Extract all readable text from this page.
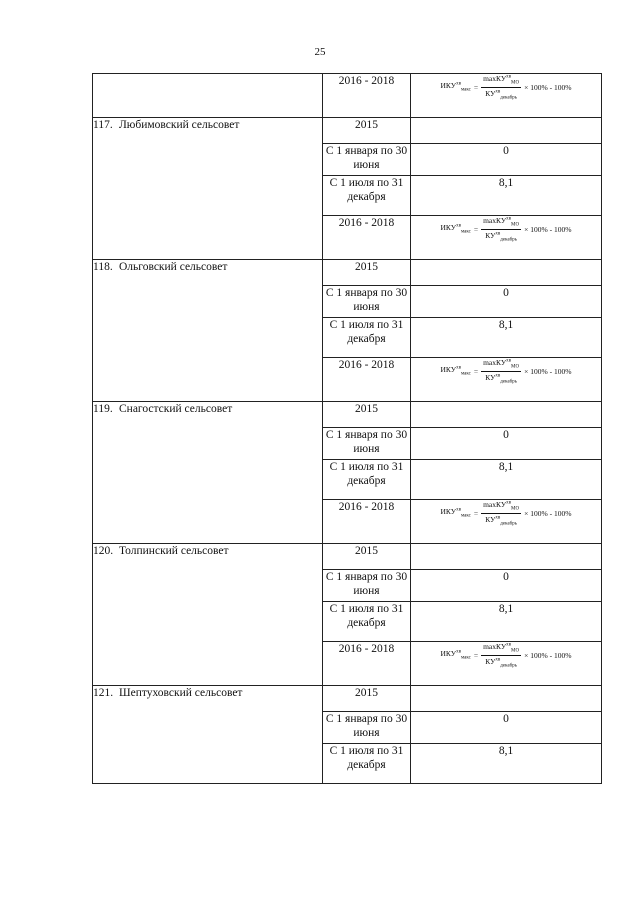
25
	2016 - 2018	$ИКУ^{хв}_{макс} = \frac{\max КУ^{хв}_{МО}}{КУ^{хв}_{декабрь}} \times 100\% - 100\%$

117. Любимовский сельсовет	2015	
	С 1 января по 30 июня	0
	С 1 июля по 31 декабря	8,1
	2016 - 2018	$ИКУ^{хв}_{макс} = \frac{\max КУ^{хв}_{МО}}{КУ^{хв}_{декабрь}} \times 100\% - 100\%$

118. Ольговский сельсовет	2015	
	С 1 января по 30 июня	0
	С 1 июля по 31 декабря	8,1
	2016 - 2018	$ИКУ^{хв}_{макс} = \frac{\max КУ^{хв}_{МО}}{КУ^{хв}_{декабрь}} \times 100\% - 100\%$

119. Снагостский сельсовет	2015	
	С 1 января по 30 июня	0
	С 1 июля по 31 декабря	8,1
	2016 - 2018	$ИКУ^{хв}_{макс} = \frac{\max КУ^{хв}_{МО}}{КУ^{хв}_{декабрь}} \times 100\% - 100\%$

120. Толпинский сельсовет	2015	
	С 1 января по 30 июня	0
	С 1 июля по 31 декабря	8,1
	2016 - 2018	$ИКУ^{хв}_{макс} = \frac{\max КУ^{хв}_{МО}}{КУ^{хв}_{декабрь}} \times 100\% - 100\%$

121. Шептуховский сельсовет	2015	
	С 1 января по 30 июня	0
	С 1 июля по 31 декабря	8,1
